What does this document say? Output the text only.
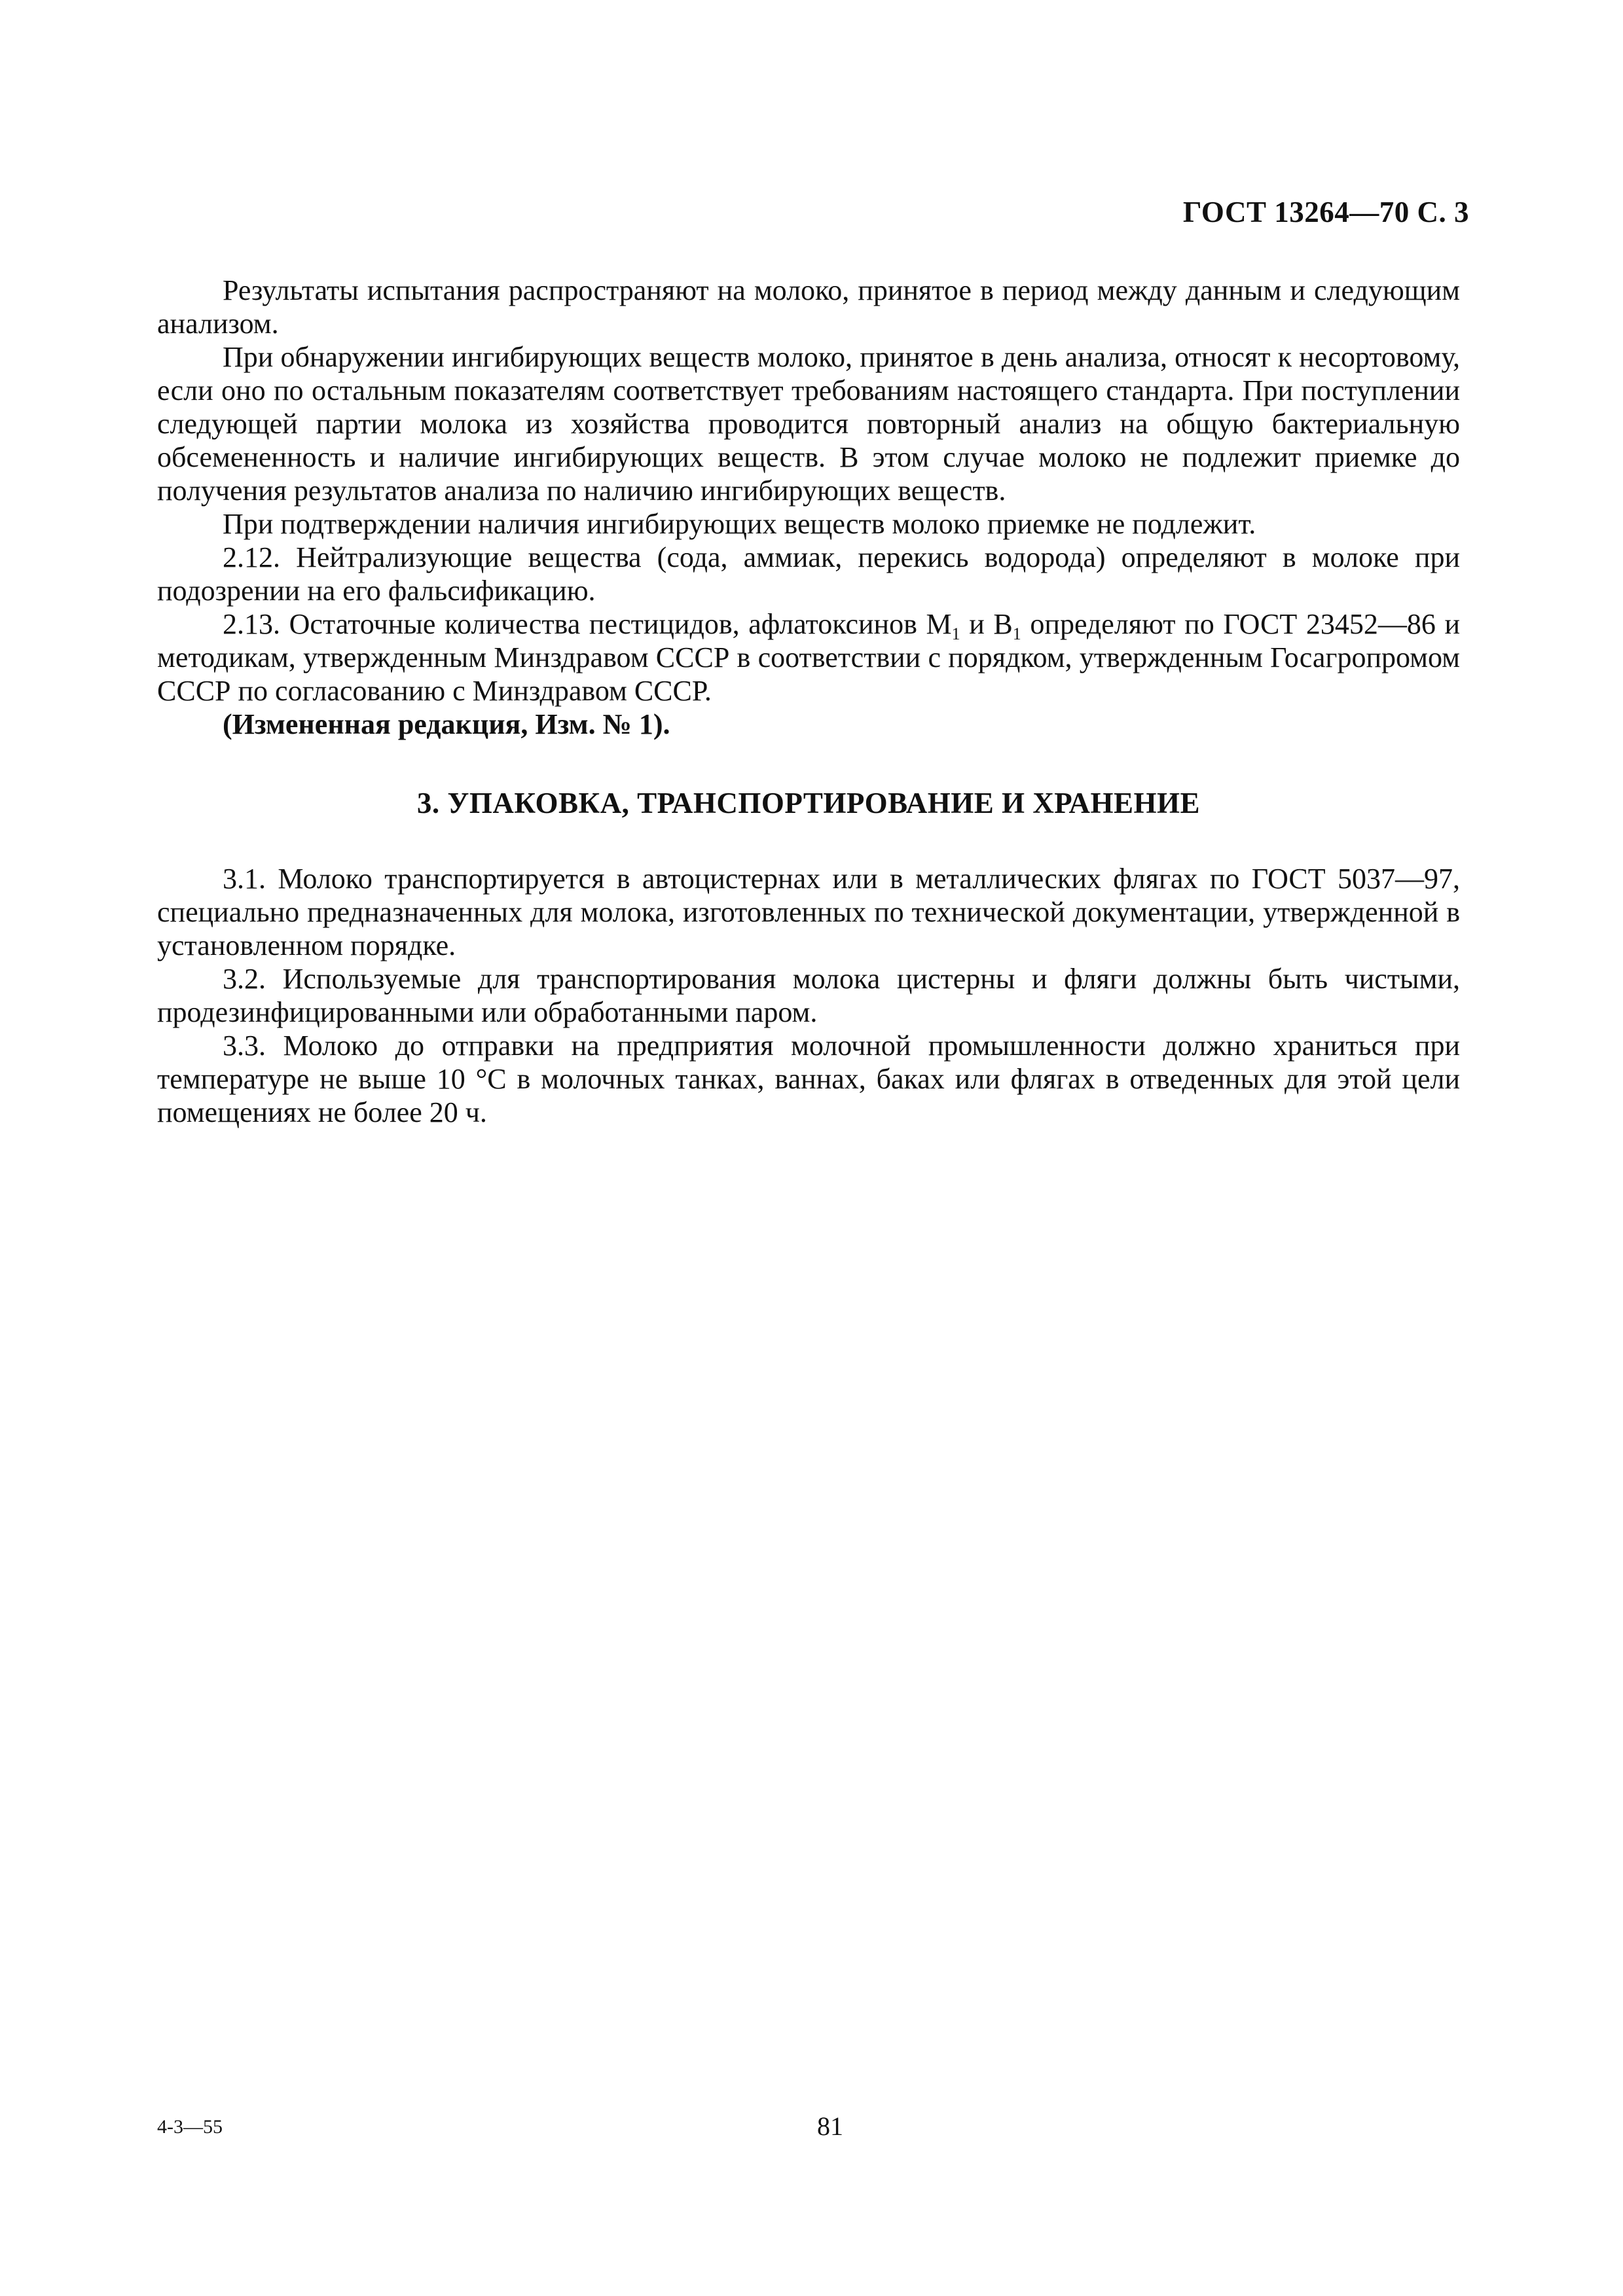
ГОСТ 13264—70 С. 3

Результаты испытания распространяют на молоко, принятое в период между данным и следующим анализом.

При обнаружении ингибирующих веществ молоко, принятое в день анализа, относят к несортовому, если оно по остальным показателям соответствует требованиям настоящего стандарта. При поступлении следующей партии молока из хозяйства проводится повторный анализ на общую бактериальную обсемененность и наличие ингибирующих веществ. В этом случае молоко не подлежит приемке до получения результатов анализа по наличию ингибирующих веществ.

При подтверждении наличия ингибирующих веществ молоко приемке не подлежит.

2.12. Нейтрализующие вещества (сода, аммиак, перекись водорода) определяют в молоке при подозрении на его фальсификацию.

2.13. Остаточные количества пестицидов, афлатоксинов $M_1$ и $B_1$ определяют по ГОСТ 23452—86 и методикам, утвержденным Минздравом СССР в соответствии с порядком, утвержденным Госагропромом СССР по согласованию с Минздравом СССР.

(Измененная редакция, Изм. № 1).

3. УПАКОВКА, ТРАНСПОРТИРОВАНИЕ И ХРАНЕНИЕ

3.1. Молоко транспортируется в автоцистернах или в металлических флягах по ГОСТ 5037—97, специально предназначенных для молока, изготовленных по технической документации, утвержденной в установленном порядке.

3.2. Используемые для транспортирования молока цистерны и фляги должны быть чистыми, продезинфицированными или обработанными паром.

3.3. Молоко до отправки на предприятия молочной промышленности должно храниться при температуре не выше 10 °С в молочных танках, ваннах, баках или флягах в отведенных для этой цели помещениях не более 20 ч.

4-3—55	81
